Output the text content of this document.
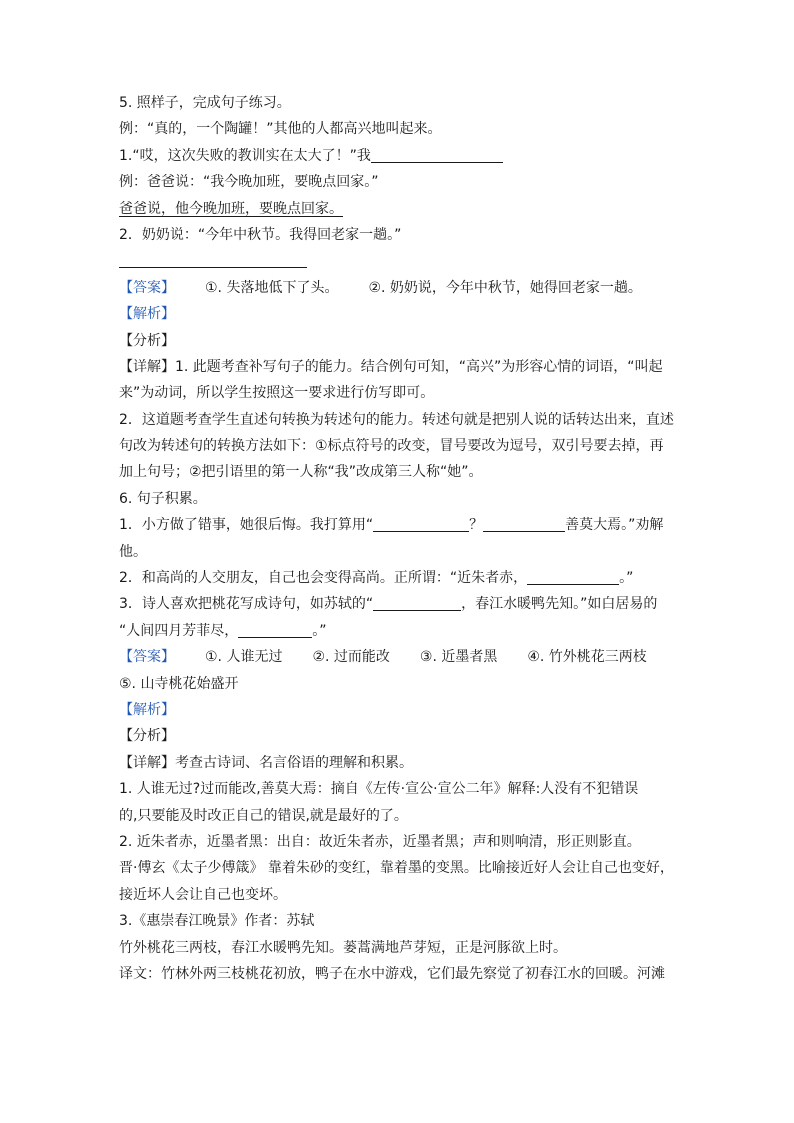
5. 照样子，完成句子练习。
例：“真的，一个陶罐！”其他的人都高兴地叫起来。
1.“哎，这次失败的教训实在太大了！”我
例：爸爸说：“我今晚加班，要晚点回家。”
爸爸说，他今晚加班，要晚点回家。
2．奶奶说：“今年中秋节。我得回老家一趟。”
【答案】 ①. 失落地低下了头。 ②. 奶奶说，今年中秋节，她得回老家一趟。
【解析】
【分析】
【详解】1. 此题考查补写句子的能力。结合例句可知，“高兴”为形容心情的词语，“叫起
来”为动词，所以学生按照这一要求进行仿写即可。
2．这道题考查学生直述句转换为转述句的能力。转述句就是把别人说的话转达出来，直述
句改为转述句的转换方法如下：①标点符号的改变，冒号要改为逗号，双引号要去掉，再
加上句号；②把引语里的第一人称“我”改成第三人称“她”。
6. 句子积累。
1．小方做了错事，她很后悔。我打算用“	？	善莫大焉。”劝解
他。
2．和高尚的人交朋友，自己也会变得高尚。正所谓：“近朱者赤，	。”
3．诗人喜欢把桃花写成诗句，如苏轼的“	，春江水暖鸭先知。”如白居易的
“人间四月芳菲尽，	。”
【答案】 ①. 人谁无过 ②. 过而能改 ③. 近墨者黑 ④. 竹外桃花三两枝
⑤. 山寺桃花始盛开
【解析】
【分析】
【详解】考查古诗词、名言俗语的理解和积累。
1. 人谁无过?过而能改,善莫大焉：摘自《左传·宣公·宣公二年》解释:人没有不犯错误
的,只要能及时改正自己的错误,就是最好的了。
2. 近朱者赤，近墨者黑：出自：故近朱者赤，近墨者黑；声和则响清，形正则影直。
晋·傅玄《太子少傅箴》 靠着朱砂的变红，靠着墨的变黑。比喻接近好人会让自己也变好，
接近坏人会让自己也变坏。
3.《惠崇春江晚景》作者：苏轼
竹外桃花三两枝，春江水暖鸭先知。蒌蒿满地芦芽短，正是河豚欲上时。
译文：竹林外两三枝桃花初放，鸭子在水中游戏，它们最先察觉了初春江水的回暖。河滩
